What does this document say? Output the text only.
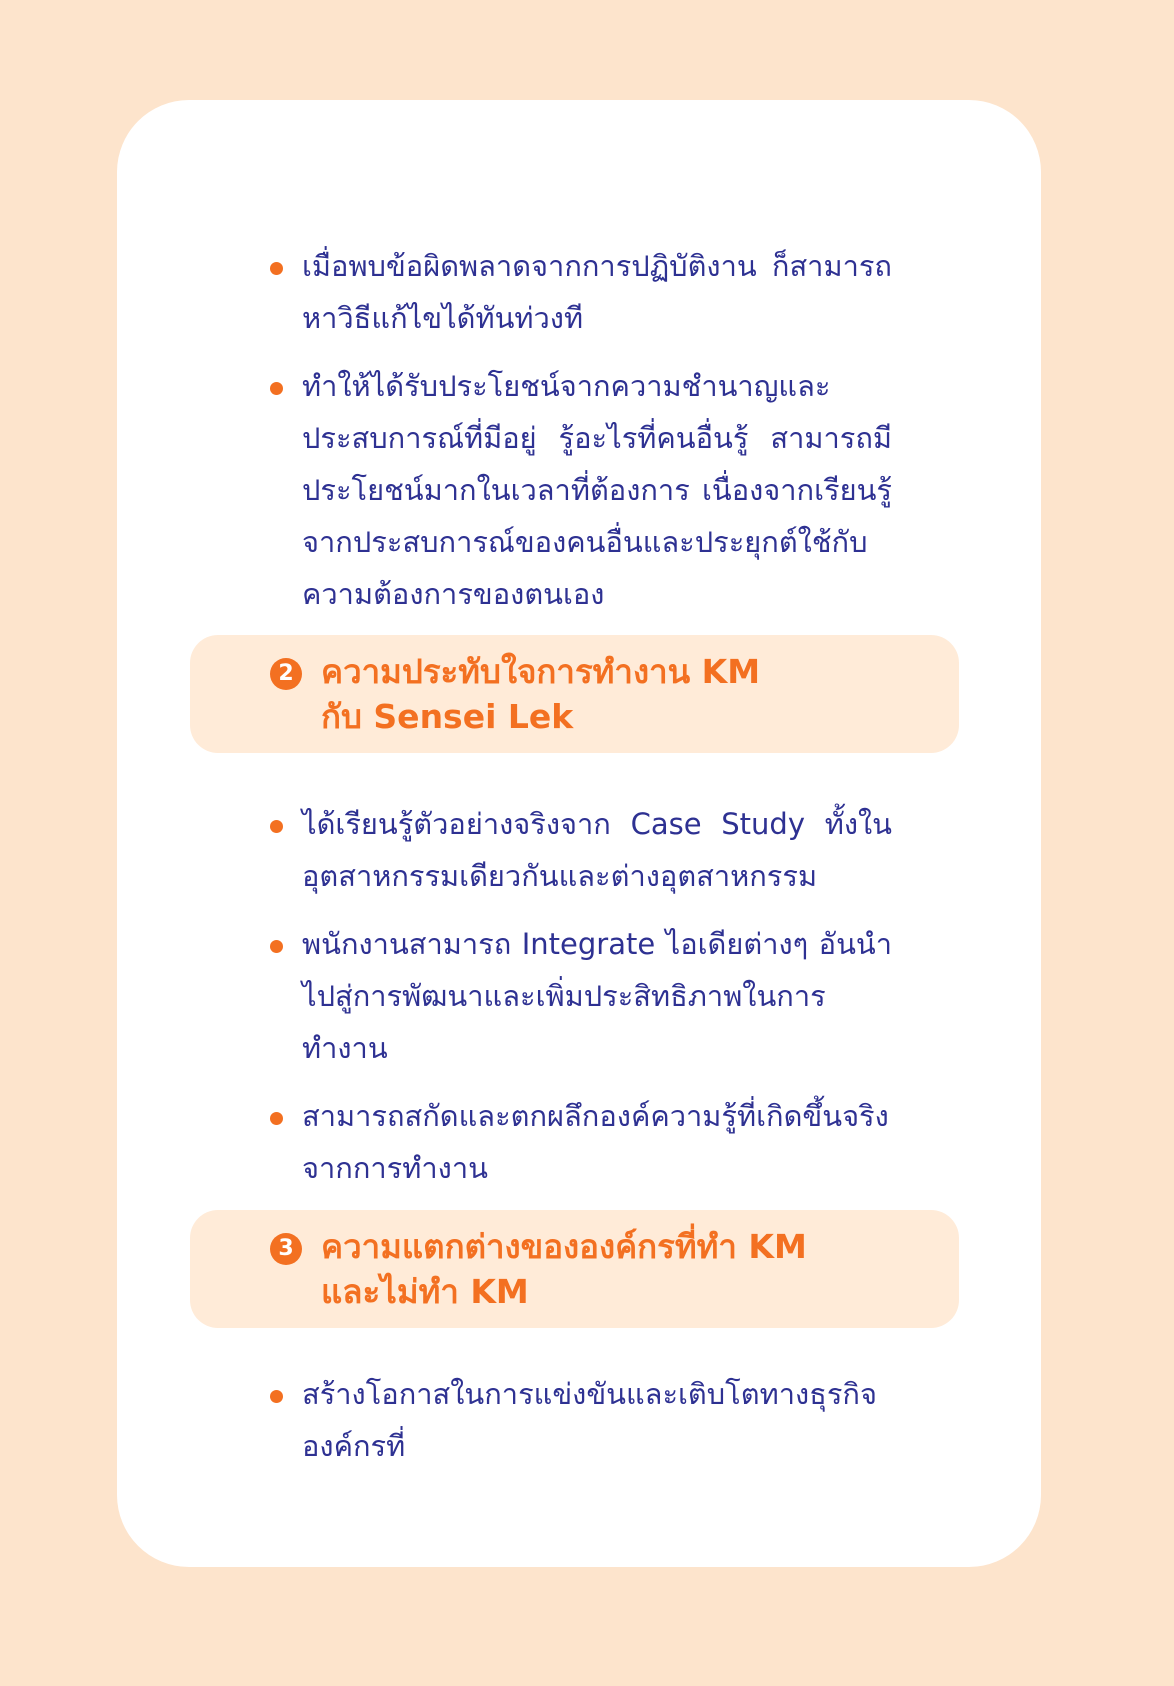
เมื่อพบข้อผิดพลาดจากการปฏิบัติงาน ก็สามารถหาวิธีแก้ไขได้ทันท่วงที
ทำให้ได้รับประโยชน์จากความชำนาญและประสบการณ์ที่มีอยู่ รู้อะไรที่คนอื่นรู้ สามารถมีประโยชน์มากในเวลาที่ต้องการ เนื่องจากเรียนรู้จากประสบการณ์ของคนอื่นและประยุกต์ใช้กับความต้องการของตนเอง
2 ความประทับใจการทำงาน KM
กับ Sensei Lek
ได้เรียนรู้ตัวอย่างจริงจาก Case Study ทั้งในอุตสาหกรรมเดียวกันและต่างอุตสาหกรรม
พนักงานสามารถ Integrate ไอเดียต่างๆ อันนำไปสู่การพัฒนาและเพิ่มประสิทธิภาพในการทำงาน
สามารถสกัดและตกผลึกองค์ความรู้ที่เกิดขึ้นจริงจากการทำงาน
3 ความแตกต่างขององค์กรที่ทำ KM
และไม่ทำ KM
สร้างโอกาสในการแข่งขันและเติบโตทางธุรกิจ องค์กรที่
